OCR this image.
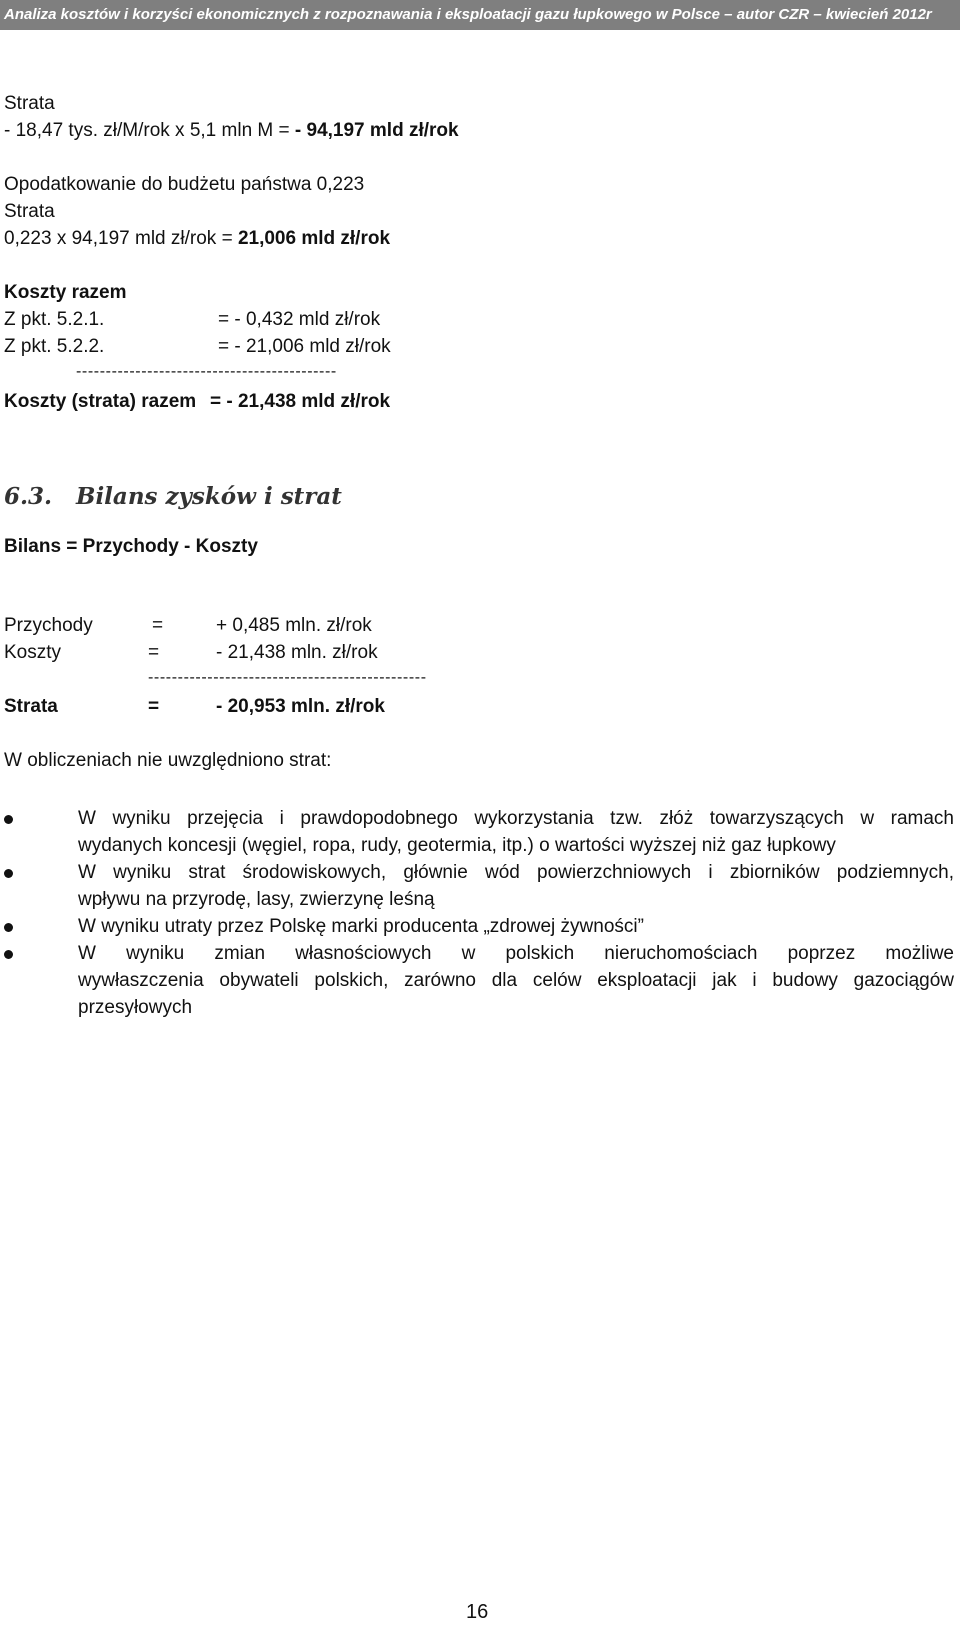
Analiza kosztów i korzyści ekonomicznych z rozpoznawania i eksploatacji gazu łupkowego w Polsce – autor CZR – kwiecień 2012r
Strata
- 18,47 tys. zł/M/rok x 5,1 mln M = - 94,197 mld zł/rok
Opodatkowanie do budżetu państwa 0,223
Strata
0,223 x 94,197 mld zł/rok = 21,006 mld zł/rok
Koszty razem
Z pkt. 5.2.1.	= - 0,432 mld zł/rok
Z pkt. 5.2.2.	= - 21,006 mld zł/rok
--------------------------------------------
Koszty (strata) razem = - 21,438 mld zł/rok
6.3. Bilans zysków i strat
Bilans = Przychody - Koszty
Przychody	=	+ 0,485 mln. zł/rok
Koszty	=	- 21,438 mln. zł/rok
-----------------------------------------------
Strata	=	- 20,953 mln. zł/rok
W obliczeniach nie uwzględniono strat:
W wyniku przejęcia i prawdopodobnego wykorzystania tzw. złóż towarzyszących w ramach
wydanych koncesji (węgiel, ropa, rudy, geotermia, itp.) o wartości wyższej niż gaz łupkowy
W wyniku strat środowiskowych, głównie wód powierzchniowych i zbiorników podziemnych,
wpływu na przyrodę, lasy, zwierzynę leśną
W wyniku utraty przez Polskę marki producenta „zdrowej żywności”
W wyniku zmian własnościowych w polskich nieruchomościach poprzez możliwe
wywłaszczenia obywateli polskich, zarówno dla celów eksploatacji jak i budowy gazociągów
przesyłowych
16
